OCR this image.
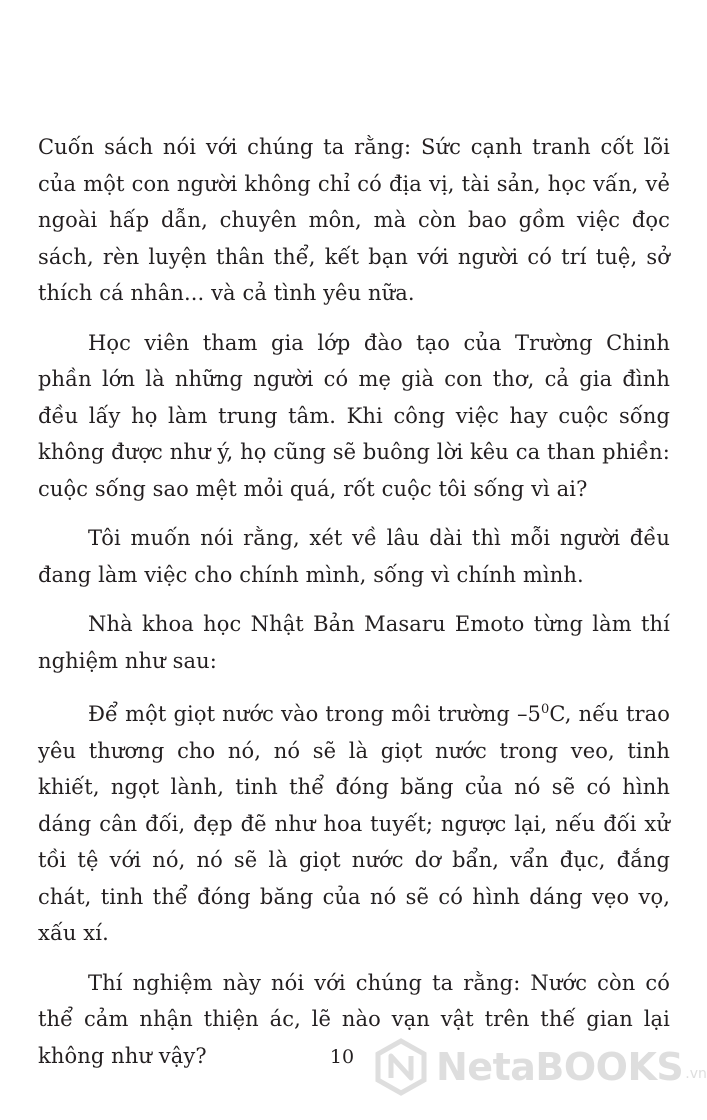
Cuốn sách nói với chúng ta rằng: Sức cạnh tranh cốt lõi của một con người không chỉ có địa vị, tài sản, học vấn, vẻ ngoài hấp dẫn, chuyên môn, mà còn bao gồm việc đọc sách, rèn luyện thân thể, kết bạn với người có trí tuệ, sở thích cá nhân... và cả tình yêu nữa.

Học viên tham gia lớp đào tạo của Trường Chinh phần lớn là những người có mẹ già con thơ, cả gia đình đều lấy họ làm trung tâm. Khi công việc hay cuộc sống không được như ý, họ cũng sẽ buông lời kêu ca than phiền: cuộc sống sao mệt mỏi quá, rốt cuộc tôi sống vì ai?

Tôi muốn nói rằng, xét về lâu dài thì mỗi người đều đang làm việc cho chính mình, sống vì chính mình.

Nhà khoa học Nhật Bản Masaru Emoto từng làm thí nghiệm như sau:

Để một giọt nước vào trong môi trường $-5^0C$, nếu trao yêu thương cho nó, nó sẽ là giọt nước trong veo, tinh khiết, ngọt lành, tinh thể đóng băng của nó sẽ có hình dáng cân đối, đẹp đẽ như hoa tuyết; ngược lại, nếu đối xử tồi tệ với nó, nó sẽ là giọt nước dơ bẩn, vẩn đục, đắng chát, tinh thể đóng băng của nó sẽ có hình dáng vẹo vọ, xấu xí.

Thí nghiệm này nói với chúng ta rằng: Nước còn có thể cảm nhận thiện ác, lẽ nào vạn vật trên thế gian lại không như vậy?	10 NetaBOOKS .vn
